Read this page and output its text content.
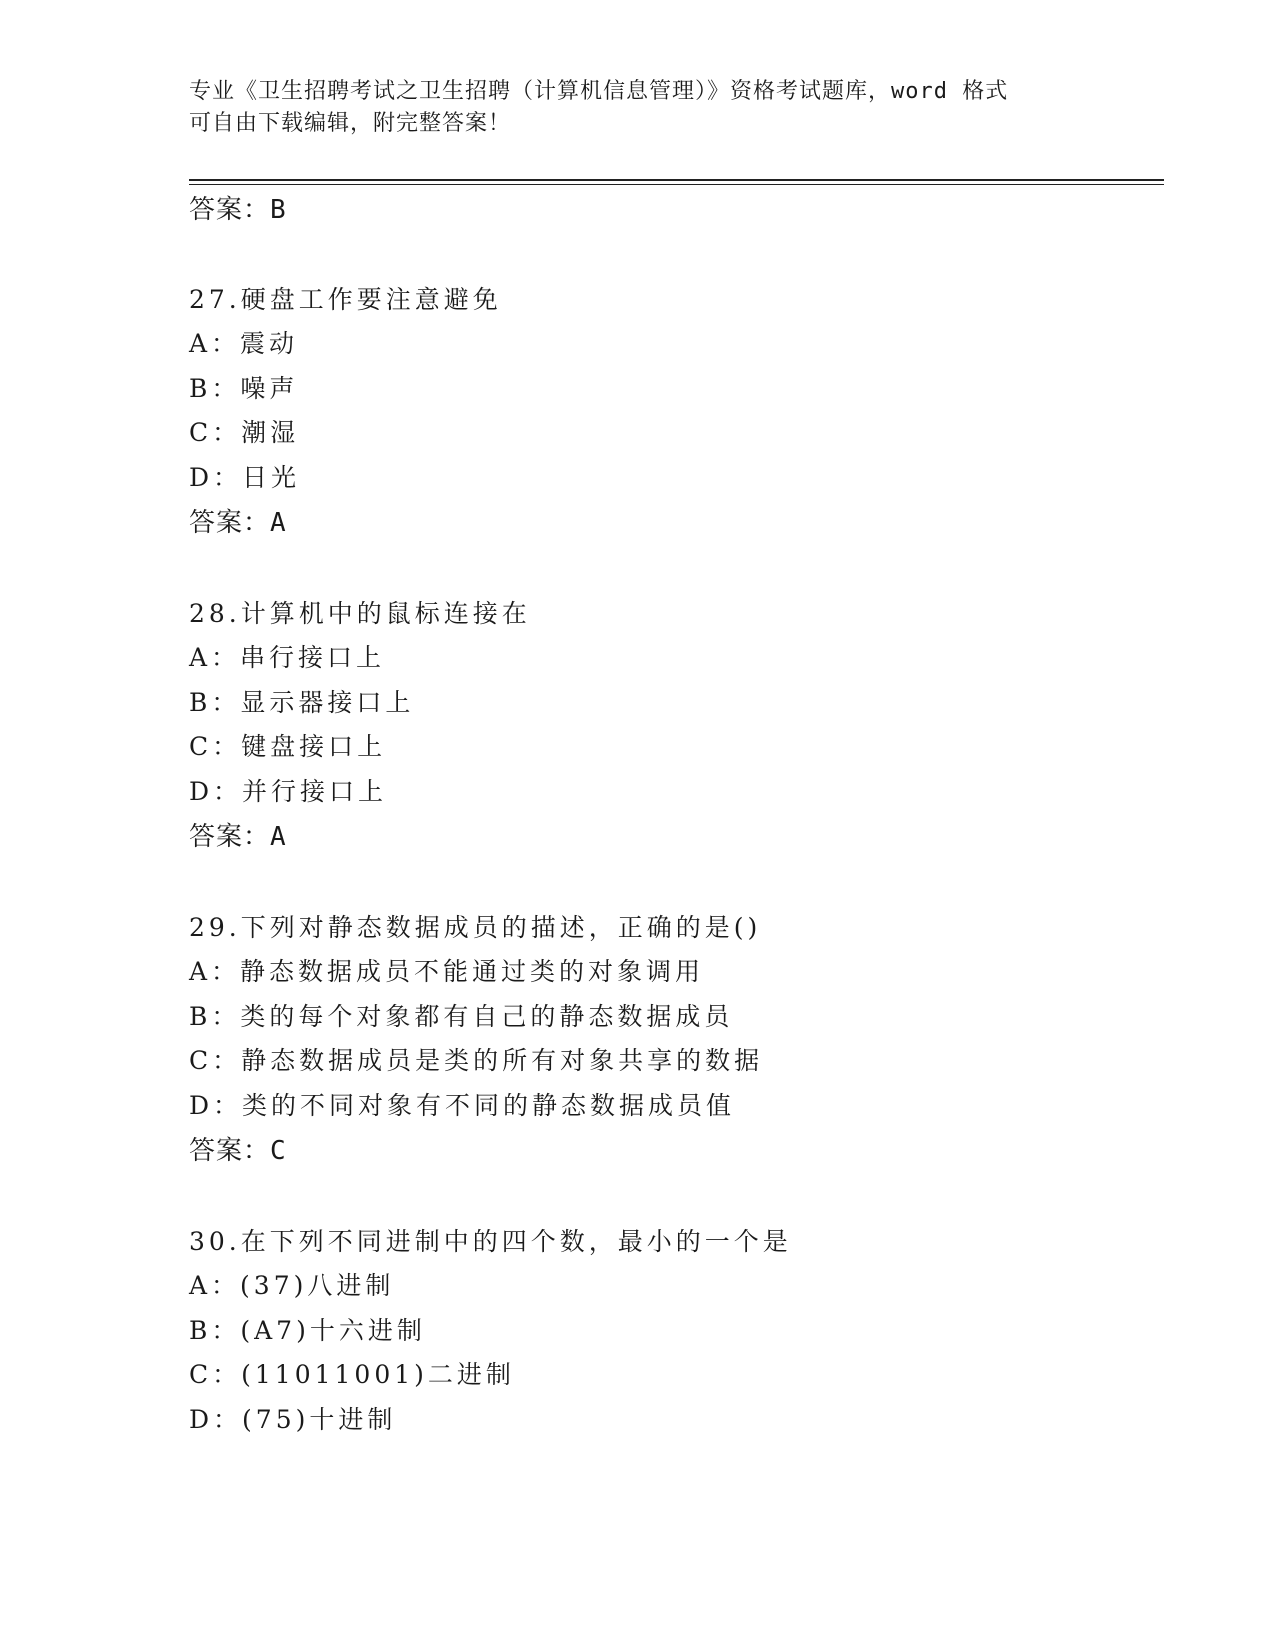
专业《卫生招聘考试之卫生招聘（计算机信息管理）》资格考试题库，word 格式
可自由下载编辑，附完整答案！
答案：B
27.硬盘工作要注意避免
A：震动
B：噪声
C：潮湿
D：日光
答案：A
28.计算机中的鼠标连接在
A：串行接口上
B：显示器接口上
C：键盘接口上
D：并行接口上
答案：A
29.下列对静态数据成员的描述，正确的是()
A：静态数据成员不能通过类的对象调用
B：类的每个对象都有自己的静态数据成员
C：静态数据成员是类的所有对象共享的数据
D：类的不同对象有不同的静态数据成员值
答案：C
30.在下列不同进制中的四个数，最小的一个是
A：(37)八进制
B：(A7)十六进制
C：(11011001)二进制
D：(75)十进制
